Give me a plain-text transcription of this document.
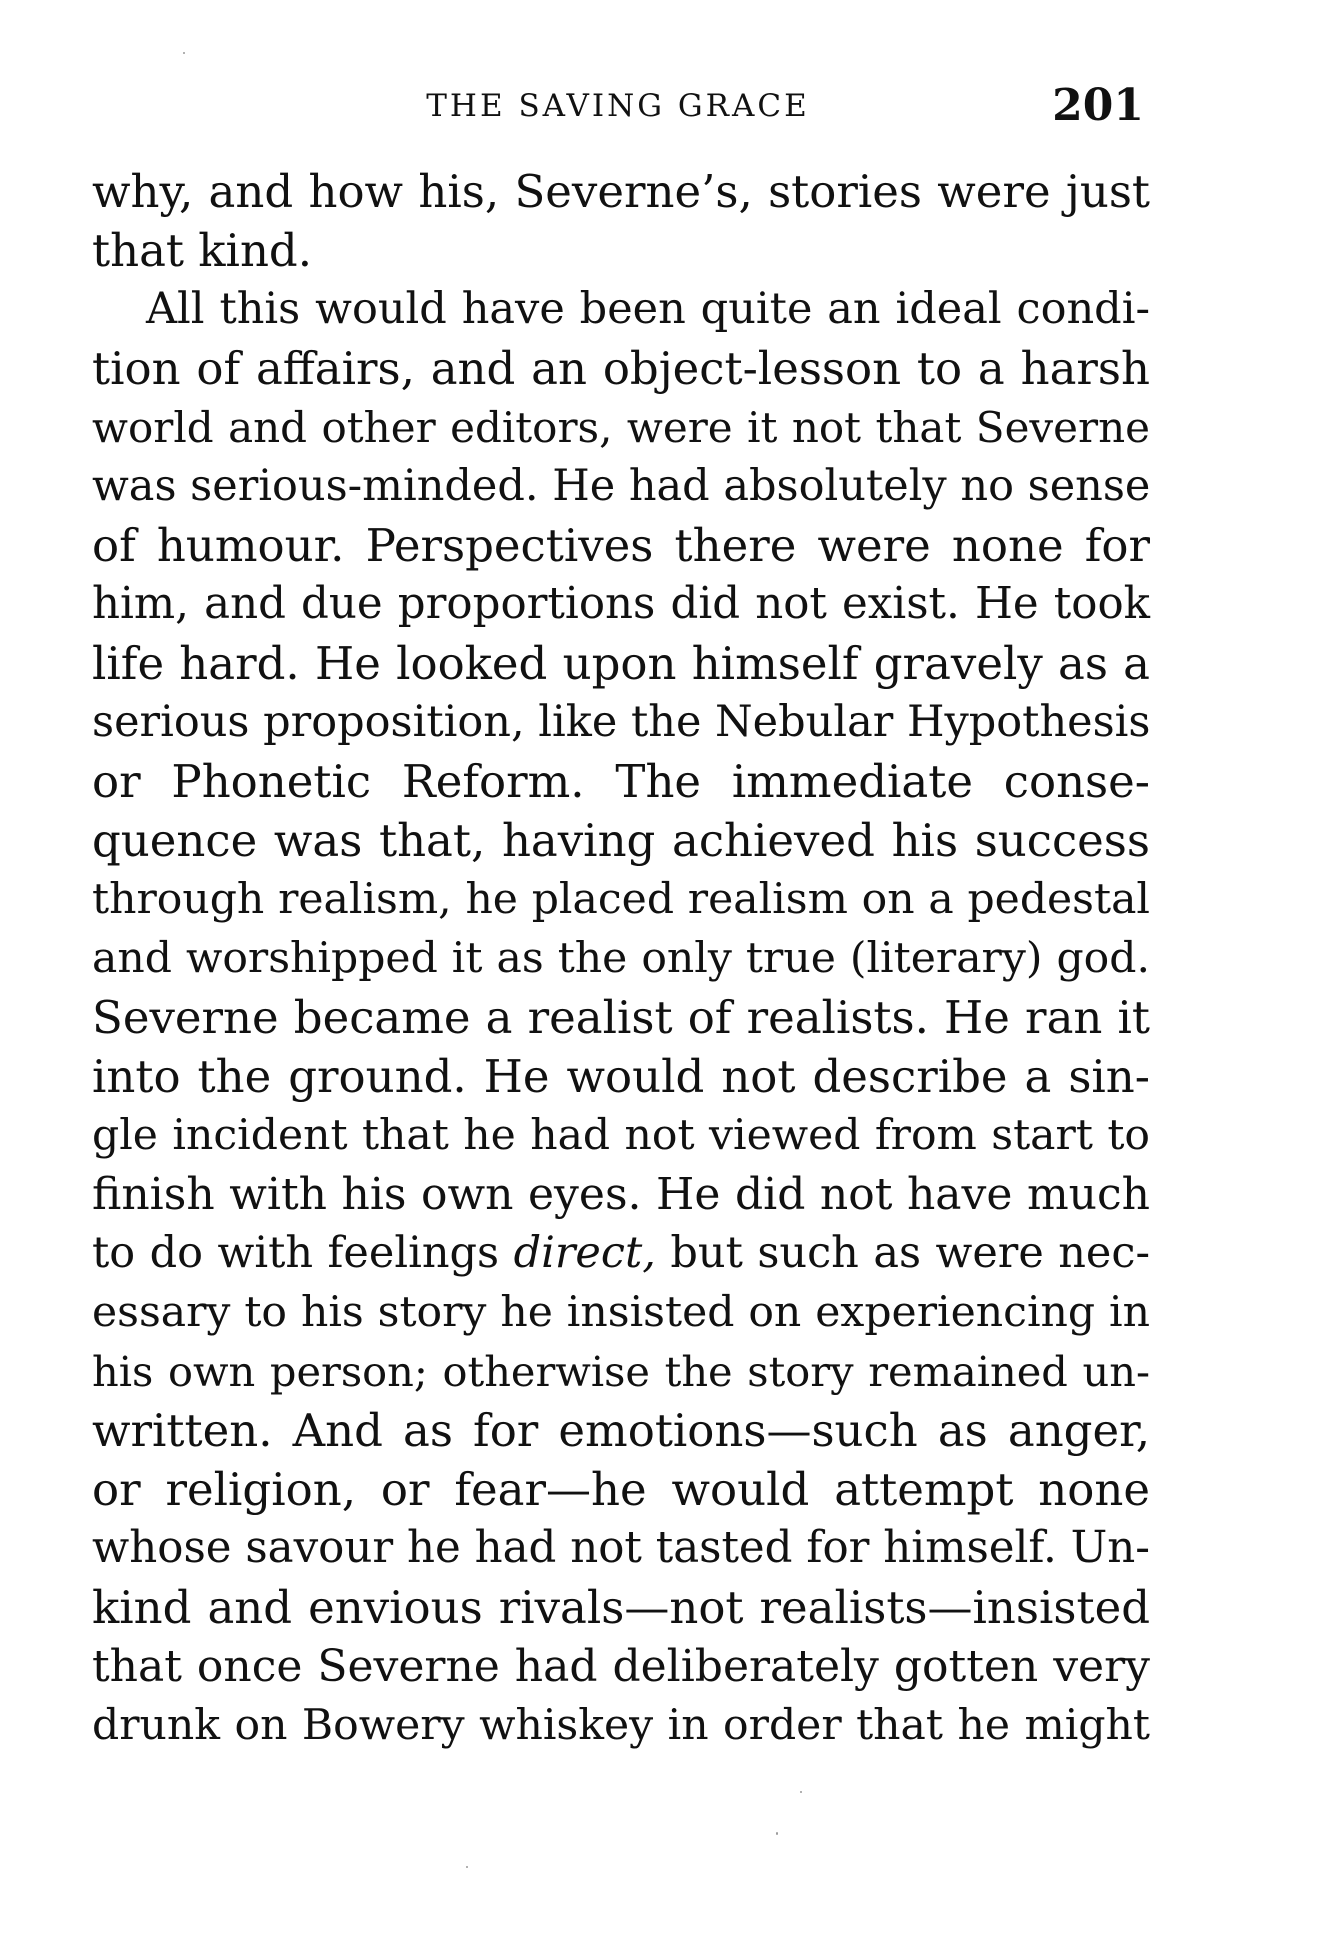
THE SAVING GRACE	201
why, and how his, Severne’s, stories were just
that kind.
All this would have been quite an ideal condi-
tion of affairs, and an object-lesson to a harsh
world and other editors, were it not that Severne
was serious-minded. He had absolutely no sense
of humour. Perspectives there were none for
him, and due proportions did not exist. He took
life hard. He looked upon himself gravely as a
serious proposition, like the Nebular Hypothesis
or Phonetic Reform. The immediate conse-
quence was that, having achieved his success
through realism, he placed realism on a pedestal
and worshipped it as the only true (literary) god.
Severne became a realist of realists. He ran it
into the ground. He would not describe a sin-
gle incident that he had not viewed from start to
finish with his own eyes. He did not have much
to do with feelings direct, but such as were nec-
essary to his story he insisted on experiencing in
his own person; otherwise the story remained un-
written. And as for emotions—such as anger,
or religion, or fear—he would attempt none
whose savour he had not tasted for himself. Un-
kind and envious rivals—not realists—insisted
that once Severne had deliberately gotten very
drunk on Bowery whiskey in order that he might
